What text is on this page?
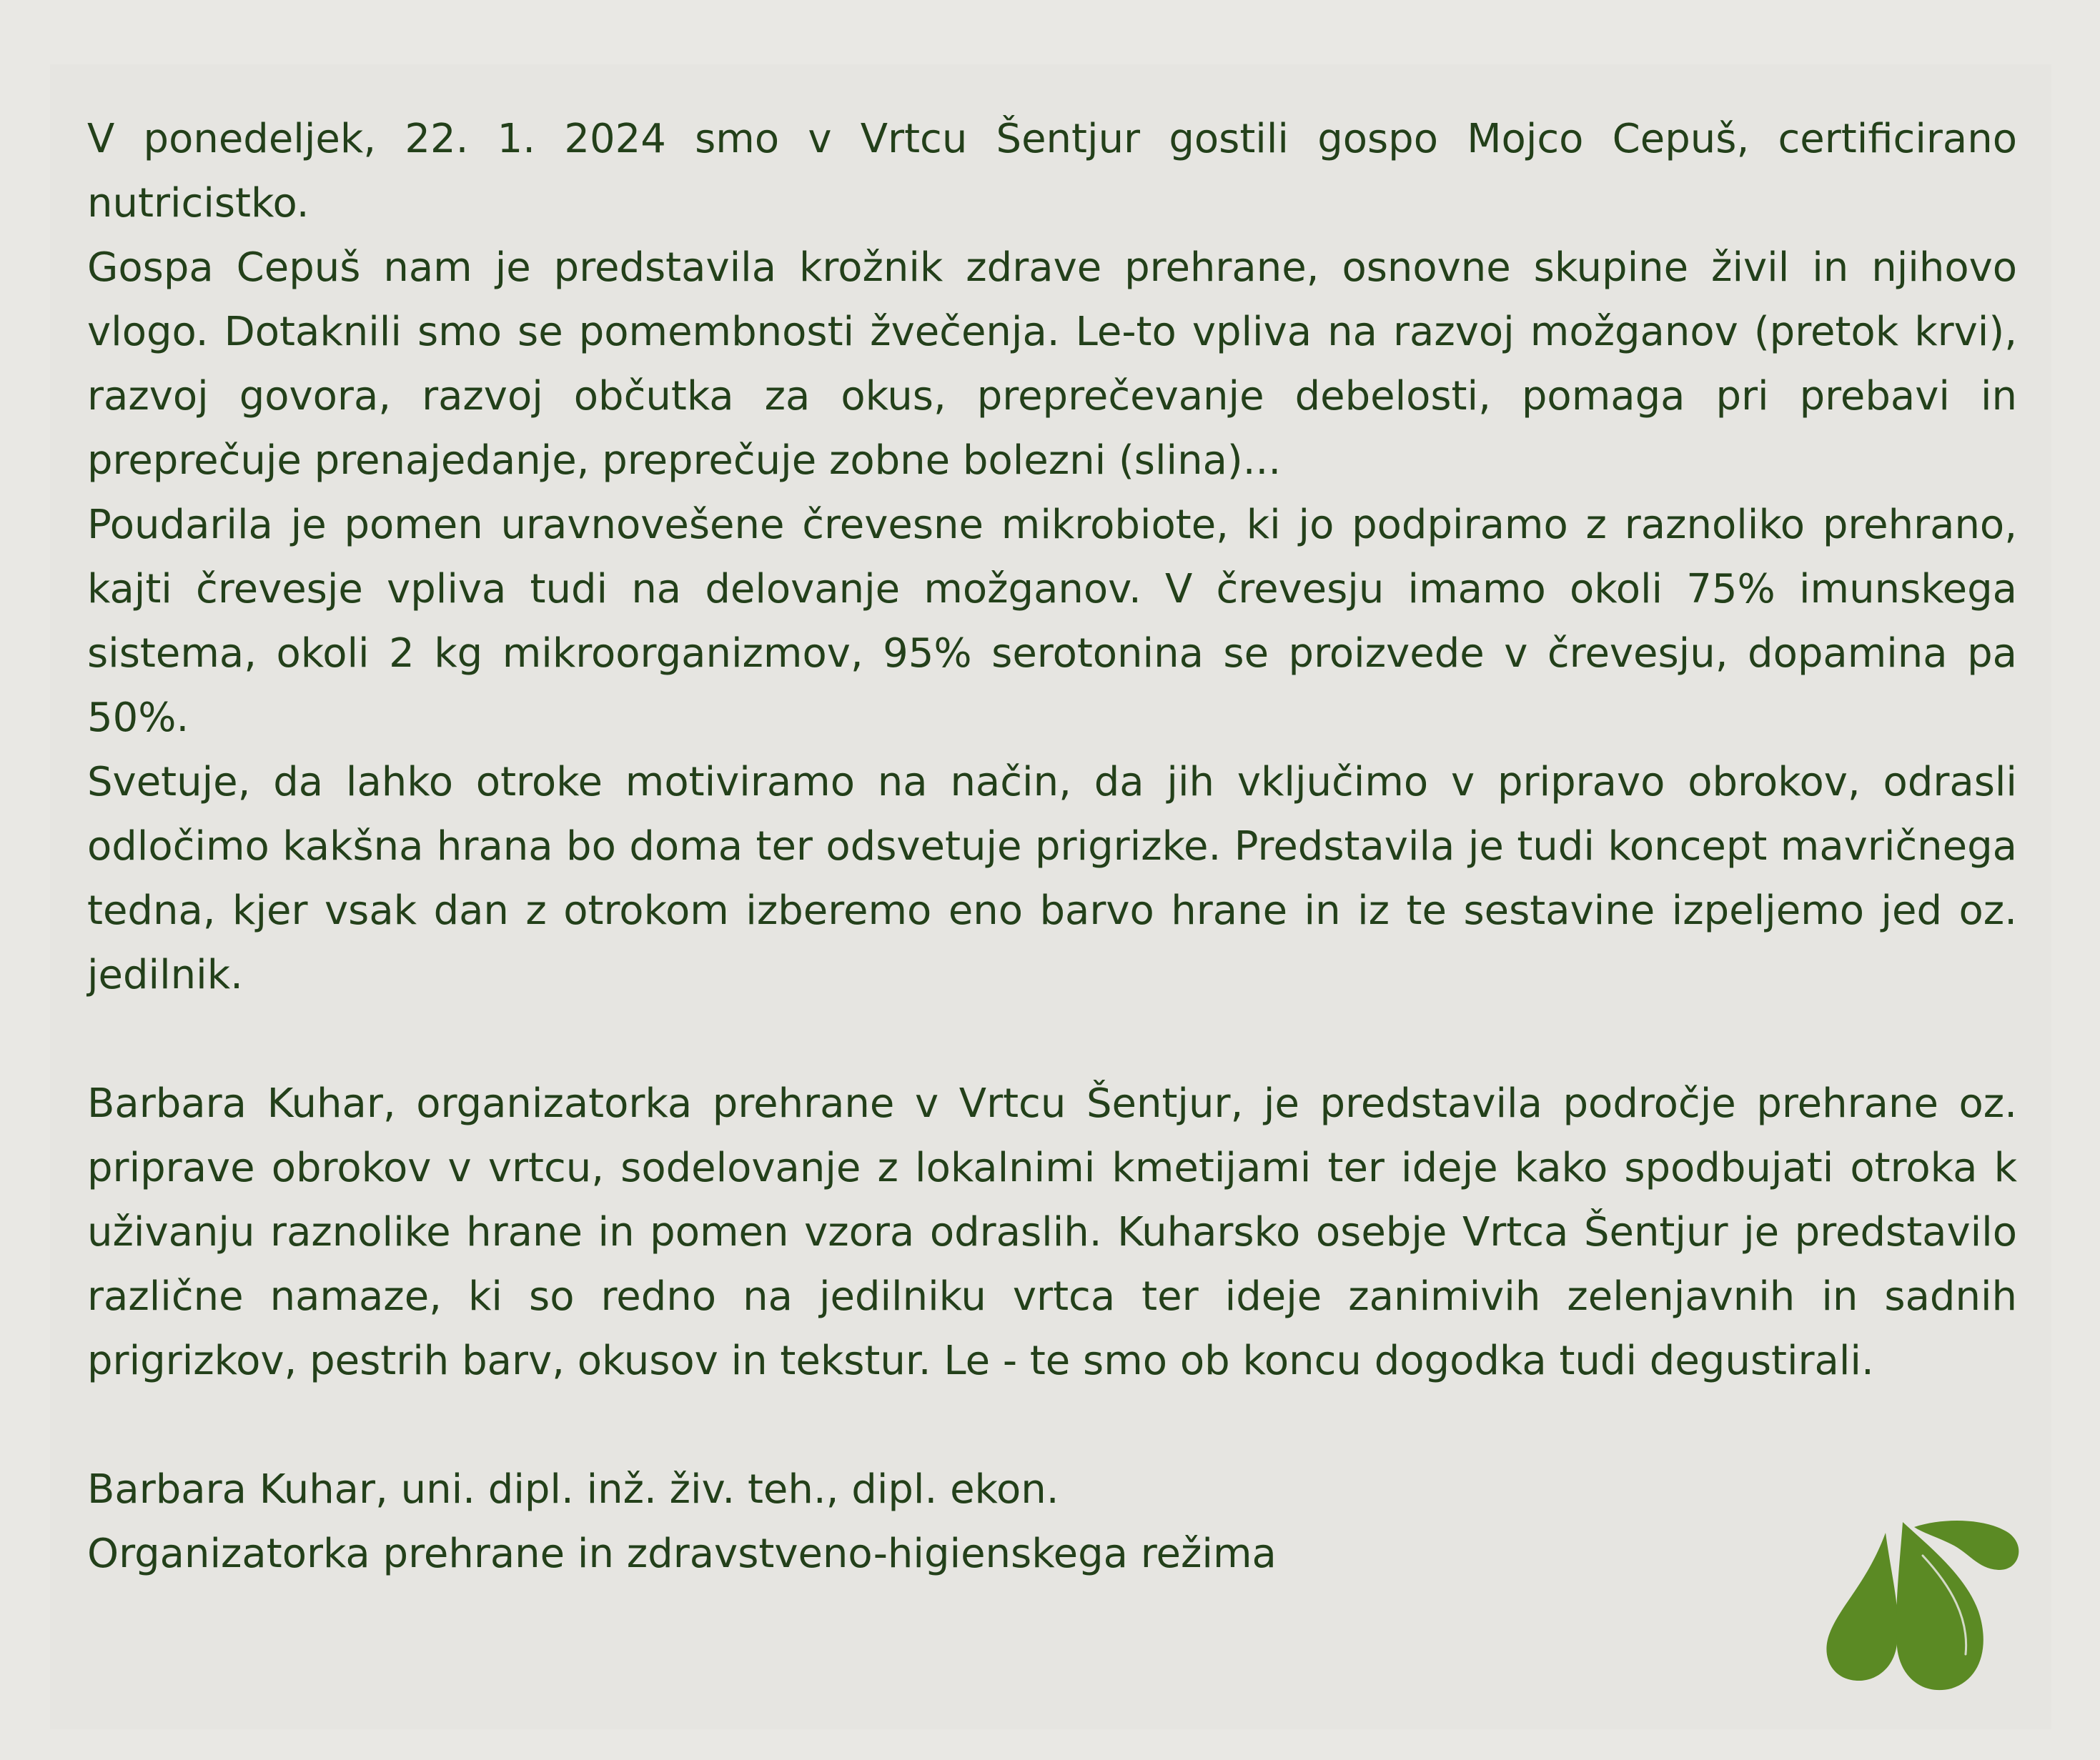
V ponedeljek, 22. 1. 2024 smo v Vrtcu Šentjur gostili gospo Mojco Cepuš, certificirano nutricistko.

Gospa Cepuš nam je predstavila krožnik zdrave prehrane, osnovne skupine živil in njihovo vlogo. Dotaknili smo se pomembnosti žvečenja. Le-to vpliva na razvoj možganov (pretok krvi), razvoj govora, razvoj občutka za okus, preprečevanje debelosti, pomaga pri prebavi in preprečuje prenajedanje, preprečuje zobne bolezni (slina)...

Poudarila je pomen uravnovešene črevesne mikrobiote, ki jo podpiramo z raznoliko prehrano, kajti črevesje vpliva tudi na delovanje možganov. V črevesju imamo okoli 75% imunskega sistema, okoli 2 kg mikroorganizmov, 95% serotonina se proizvede v črevesju, dopamina pa 50%.

Svetuje, da lahko otroke motiviramo na način, da jih vključimo v pripravo obrokov, odrasli odločimo kakšna hrana bo doma ter odsvetuje prigrizke. Predstavila je tudi koncept mavričnega tedna, kjer vsak dan z otrokom izberemo eno barvo hrane in iz te sestavine izpeljemo jed oz. jedilnik.

Barbara Kuhar, organizatorka prehrane v Vrtcu Šentjur, je predstavila področje prehrane oz. priprave obrokov v vrtcu, sodelovanje z lokalnimi kmetijami ter ideje kako spodbujati otroka k uživanju raznolike hrane in pomen vzora odraslih. Kuharsko osebje Vrtca Šentjur je predstavilo različne namaze, ki so redno na jedilniku vrtca ter ideje zanimivih zelenjavnih in sadnih prigrizkov, pestrih barv, okusov in tekstur. Le - te smo ob koncu dogodka tudi degustirali.

Barbara Kuhar, uni. dipl. inž. živ. teh., dipl. ekon.

Organizatorka prehrane in zdravstveno-higienskega režima
